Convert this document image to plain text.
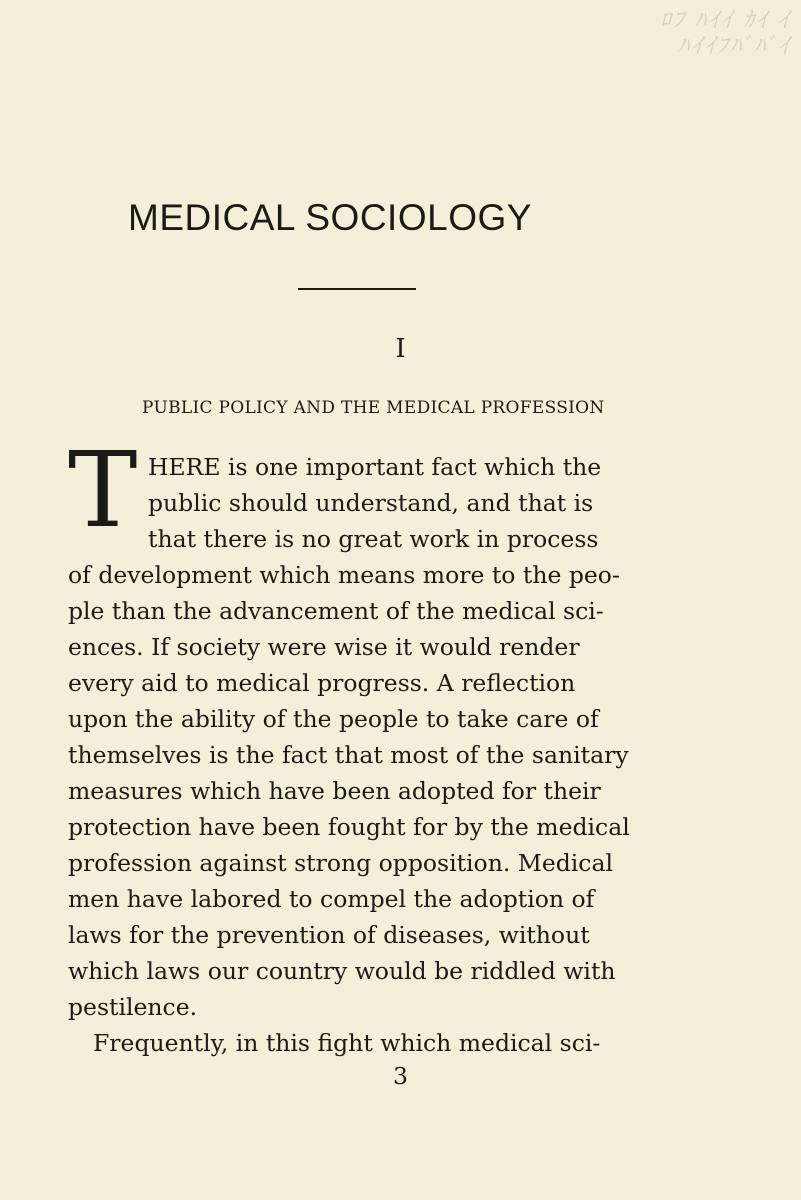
ﾛﾌ ﾊｲｲ ｶｲ ｲ
ﾊｲｲﾌﾊﾞﾊﾞｲ
MEDICAL SOCIOLOGY
I
PUBLIC POLICY AND THE MEDICAL PROFESSION
T HERE is one important fact which the
public should understand, and that is
that there is no great work in process
of development which means more to the peo-
ple than the advancement of the medical sci-
ences. If society were wise it would render
every aid to medical progress. A reflection
upon the ability of the people to take care of
themselves is the fact that most of the sanitary
measures which have been adopted for their
protection have been fought for by the medical
profession against strong opposition. Medical
men have labored to compel the adoption of
laws for the prevention of diseases, without
which laws our country would be riddled with
pestilence.
Frequently, in this fight which medical sci-
3
